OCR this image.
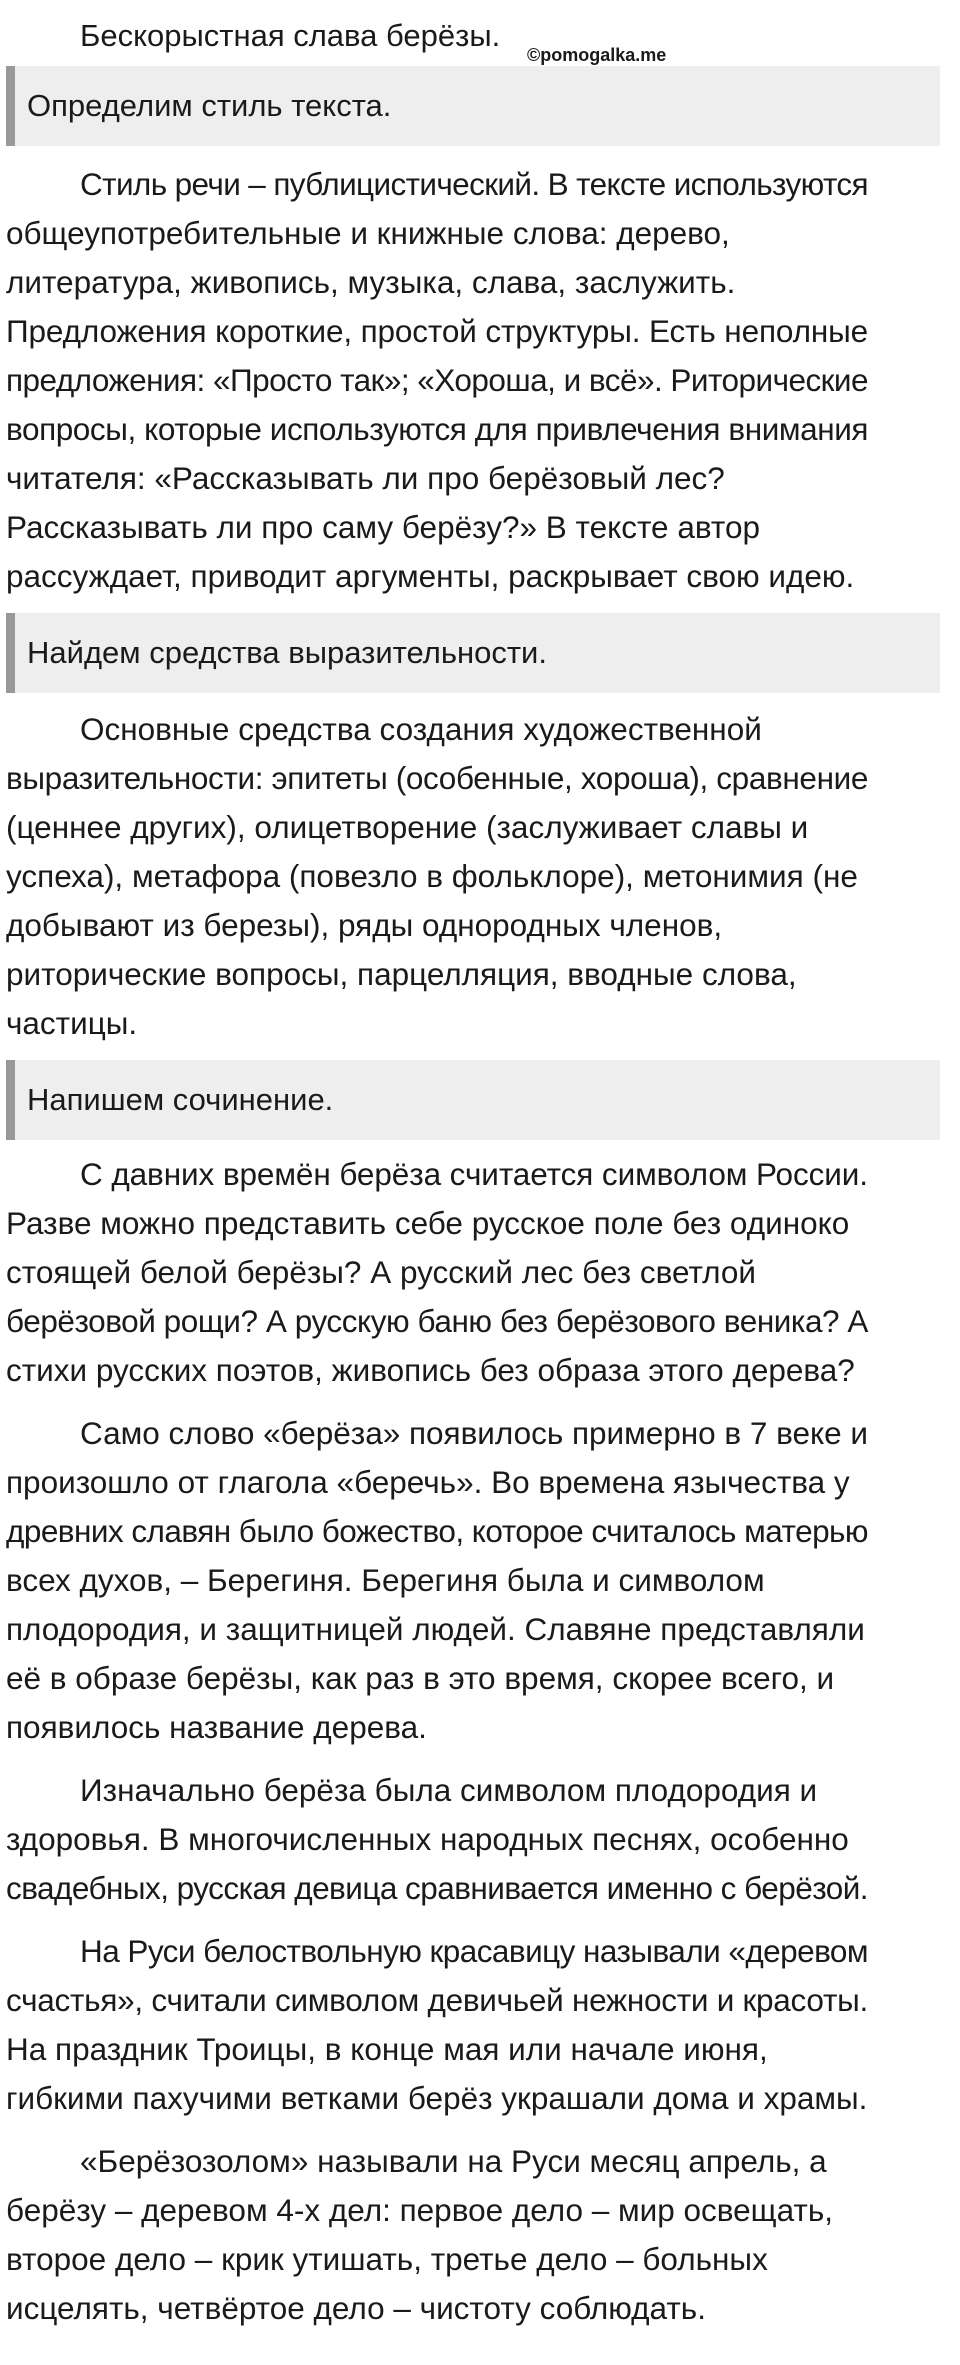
Бескорыстная слава берёзы.
©pomogalka.me
Определим стиль текста.

Стиль речи – публицистический. В тексте используются
общеупотребительные и книжные слова: дерево,
литература, живопись, музыка, слава, заслужить.
Предложения короткие, простой структуры. Есть неполные
предложения: «Просто так»; «Хороша, и всё». Риторические
вопросы, которые используются для привлечения внимания
читателя: «Рассказывать ли про берёзовый лес?
Рассказывать ли про саму берёзу?» В тексте автор
рассуждает, приводит аргументы, раскрывает свою идею.

Найдем средства выразительности.

Основные средства создания художественной
выразительности: эпитеты (особенные, хороша), сравнение
(ценнее других), олицетворение (заслуживает славы и
успеха), метафора (повезло в фольклоре), метонимия (не
добывают из березы), ряды однородных членов,
риторические вопросы, парцелляция, вводные слова,
частицы.

Напишем сочинение.

С давних времён берёза считается символом России.
Разве можно представить себе русское поле без одиноко
стоящей белой берёзы? А русский лес без светлой
берёзовой рощи? А русскую баню без берёзового веника? А
стихи русских поэтов, живопись без образа этого дерева?

Само слово «берёза» появилось примерно в 7 веке и
произошло от глагола «беречь». Во времена язычества у
древних славян было божество, которое считалось матерью
всех духов, – Берегиня. Берегиня была и символом
плодородия, и защитницей людей. Славяне представляли
её в образе берёзы, как раз в это время, скорее всего, и
появилось название дерева.

Изначально берёза была символом плодородия и
здоровья. В многочисленных народных песнях, особенно
свадебных, русская девица сравнивается именно с берёзой.

На Руси белоствольную красавицу называли «деревом
счастья», считали символом девичьей нежности и красоты.
На праздник Троицы, в конце мая или начале июня,
гибкими пахучими ветками берёз украшали дома и храмы.

«Берёзозолом» называли на Руси месяц апрель, а
берёзу – деревом 4-х дел: первое дело – мир освещать,
второе дело – крик утишать, третье дело – больных
исцелять, четвёртое дело – чистоту соблюдать.
